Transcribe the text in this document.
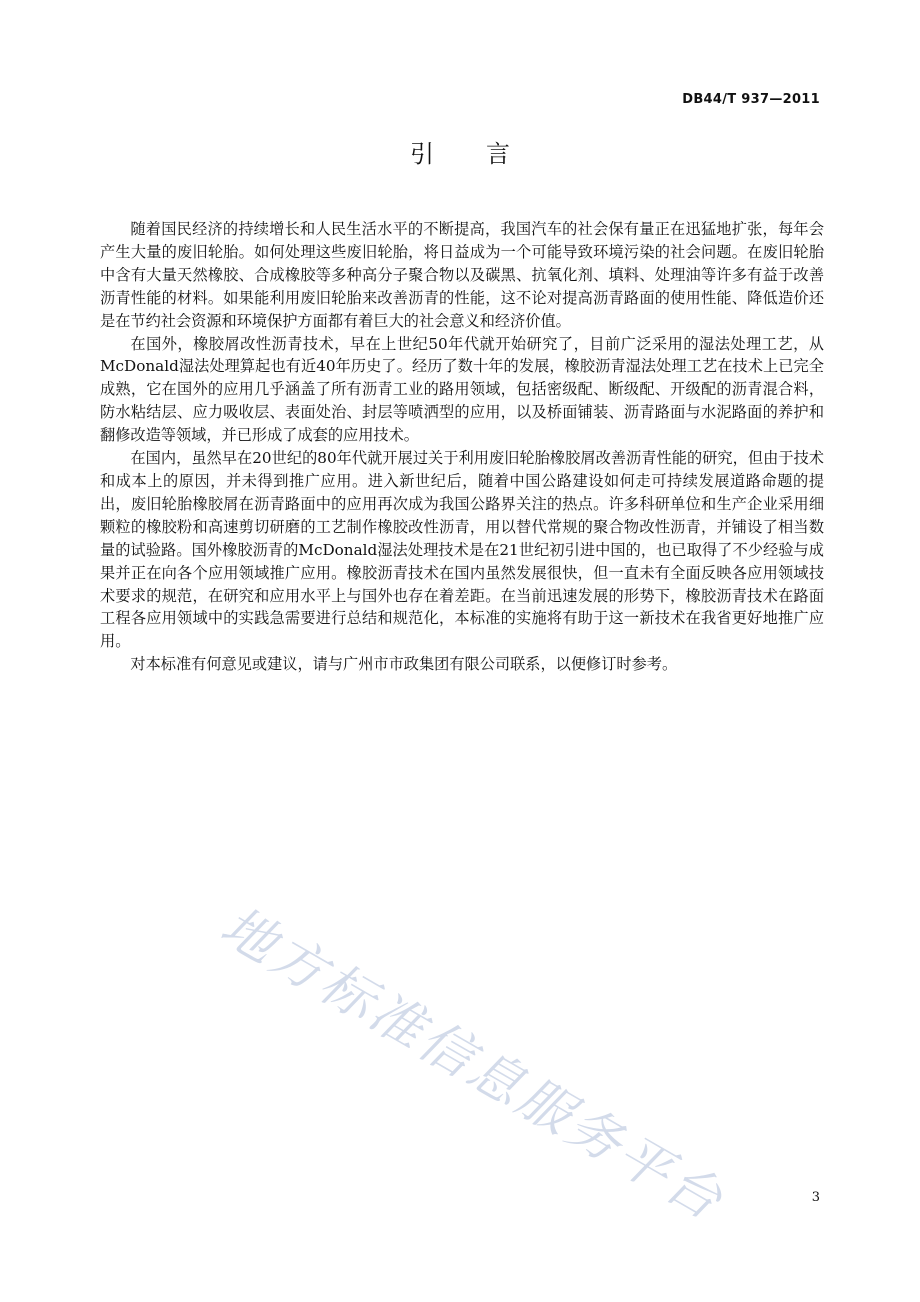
DB44/T 937—2011
引 言

随着国民经济的持续增长和人民生活水平的不断提高，我国汽车的社会保有量正在迅猛地扩张，每年会产生大量的废旧轮胎。如何处理这些废旧轮胎，将日益成为一个可能导致环境污染的社会问题。在废旧轮胎中含有大量天然橡胶、合成橡胶等多种高分子聚合物以及碳黑、抗氧化剂、填料、处理油等许多有益于改善沥青性能的材料。如果能利用废旧轮胎来改善沥青的性能，这不论对提高沥青路面的使用性能、降低造价还是在节约社会资源和环境保护方面都有着巨大的社会意义和经济价值。

在国外，橡胶屑改性沥青技术，早在上世纪50年代就开始研究了，目前广泛采用的湿法处理工艺，从McDonald湿法处理算起也有近40年历史了。经历了数十年的发展，橡胶沥青湿法处理工艺在技术上已完全成熟，它在国外的应用几乎涵盖了所有沥青工业的路用领域，包括密级配、断级配、开级配的沥青混合料，防水粘结层、应力吸收层、表面处治、封层等喷洒型的应用，以及桥面铺装、沥青路面与水泥路面的养护和翻修改造等领域，并已形成了成套的应用技术。

在国内，虽然早在20世纪的80年代就开展过关于利用废旧轮胎橡胶屑改善沥青性能的研究，但由于技术和成本上的原因，并未得到推广应用。进入新世纪后，随着中国公路建设如何走可持续发展道路命题的提出，废旧轮胎橡胶屑在沥青路面中的应用再次成为我国公路界关注的热点。许多科研单位和生产企业采用细颗粒的橡胶粉和高速剪切研磨的工艺制作橡胶改性沥青，用以替代常规的聚合物改性沥青，并铺设了相当数量的试验路。国外橡胶沥青的McDonald湿法处理技术是在21世纪初引进中国的，也已取得了不少经验与成果并正在向各个应用领域推广应用。橡胶沥青技术在国内虽然发展很快，但一直未有全面反映各应用领域技术要求的规范，在研究和应用水平上与国外也存在着差距。在当前迅速发展的形势下，橡胶沥青技术在路面工程各应用领域中的实践急需要进行总结和规范化，本标准的实施将有助于这一新技术在我省更好地推广应用。

对本标准有何意见或建议，请与广州市市政集团有限公司联系，以便修订时参考。

地方标准信息服务平台	3
